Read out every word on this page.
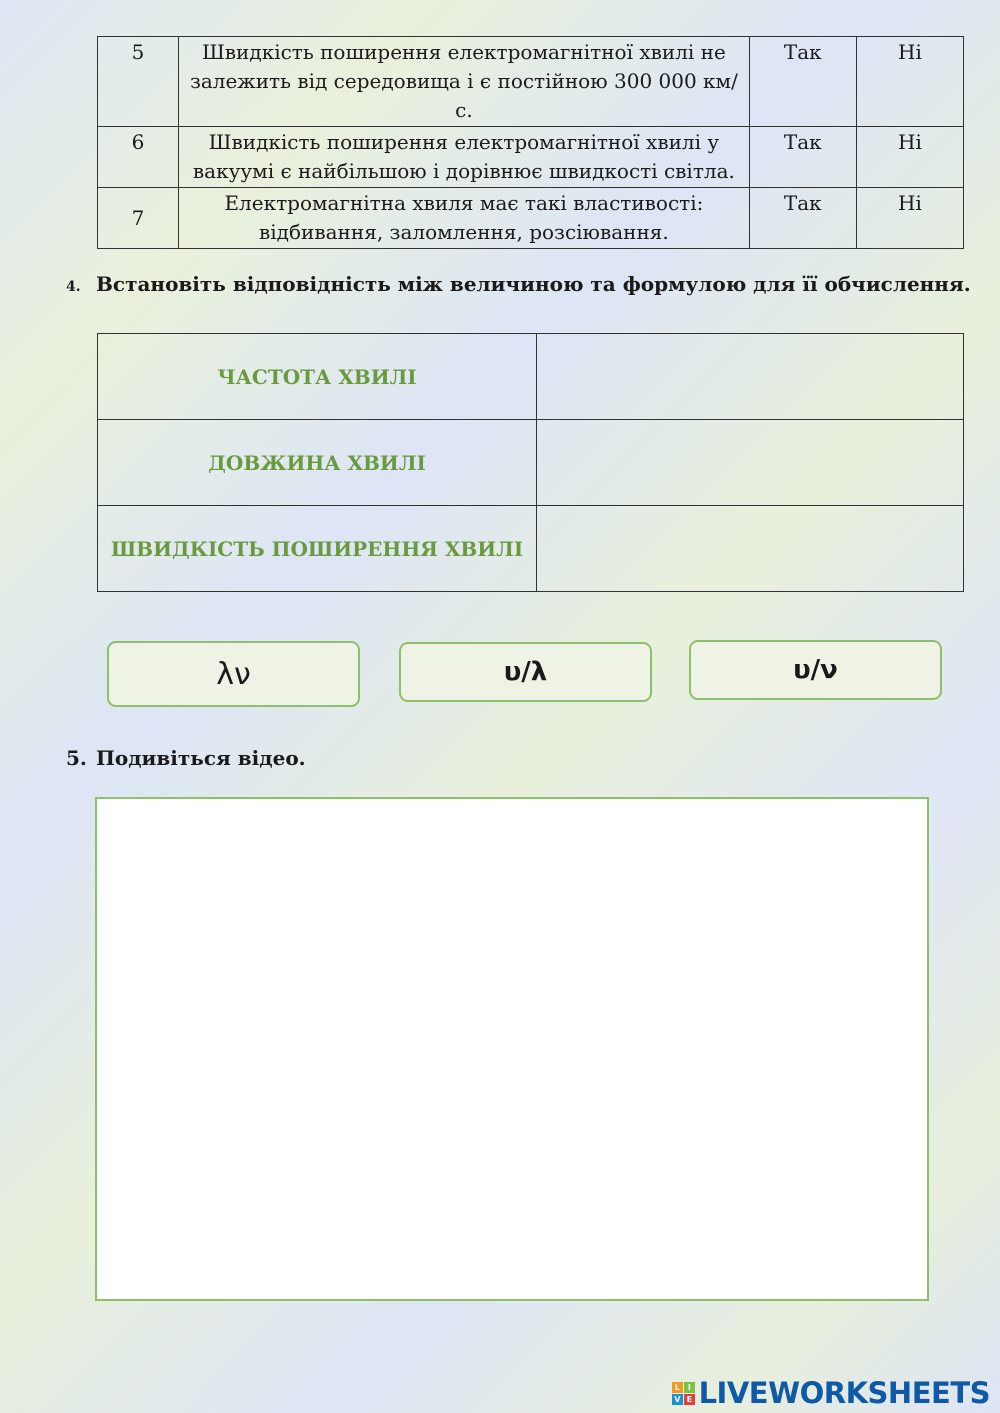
5	Швидкість поширення електромагнітної хвилі не залежить від середовища і є постійною 300 000 км/с.	Так	Ні
6	Швидкість поширення електромагнітної хвилі у вакуумі є найбільшою і дорівнює швидкості світла.	Так	Ні
7	Електромагнітна хвиля має такі властивості: відбивання, заломлення, розсіювання.	Так	Ні
4. Встановіть відповідність між величиною та формулою для її обчислення.
ЧАСТОТА ХВИЛІ	
ДОВЖИНА ХВИЛІ	
ШВИДКІСТЬ ПОШИРЕННЯ ХВИЛІ	
λν	υ/λ	υ/ν
5. Подивіться відео.
L	I
V E LIVEWORKSHEETS
